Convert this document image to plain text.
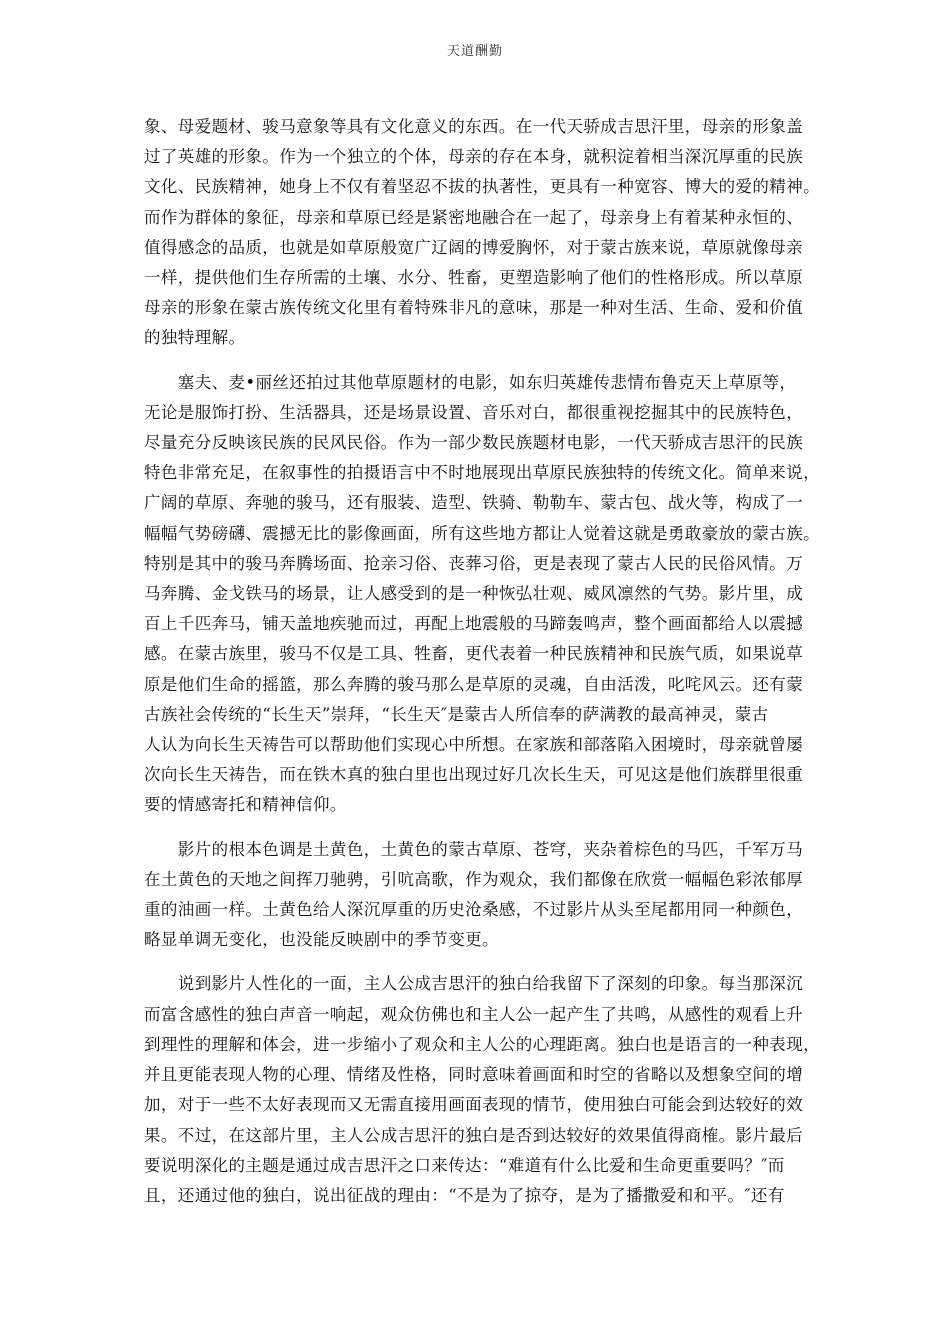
天道酬勤

象、母爱题材、骏马意象等具有文化意义的东西。在一代天骄成吉思汗里，母亲的形象盖
过了英雄的形象。作为一个独立的个体，母亲的存在本身，就积淀着相当深沉厚重的民族
文化、民族精神，她身上不仅有着坚忍不拔的执著性，更具有一种宽容、博大的爱的精神。
而作为群体的象征，母亲和草原已经是紧密地融合在一起了，母亲身上有着某种永恒的、
值得感念的品质，也就是如草原般宽广辽阔的博爱胸怀，对于蒙古族来说，草原就像母亲
一样，提供他们生存所需的土壤、水分、牲畜，更塑造影响了他们的性格形成。所以草原
母亲的形象在蒙古族传统文化里有着特殊非凡的意味，那是一种对生活、生命、爱和价值
的独特理解。

　　塞夫、麦•丽丝还拍过其他草原题材的电影，如东归英雄传悲情布鲁克天上草原等，
无论是服饰打扮、生活器具，还是场景设置、音乐对白，都很重视挖掘其中的民族特色，
尽量充分反映该民族的民风民俗。作为一部少数民族题材电影，一代天骄成吉思汗的民族
特色非常充足，在叙事性的拍摄语言中不时地展现出草原民族独特的传统文化。简单来说，
广阔的草原、奔驰的骏马，还有服装、造型、铁骑、勒勒车、蒙古包、战火等，构成了一
幅幅气势磅礴、震撼无比的影像画面，所有这些地方都让人觉着这就是勇敢豪放的蒙古族。
特别是其中的骏马奔腾场面、抢亲习俗、丧葬习俗，更是表现了蒙古人民的民俗风情。万
马奔腾、金戈铁马的场景，让人感受到的是一种恢弘壮观、威风凛然的气势。影片里，成
百上千匹奔马，铺天盖地疾驰而过，再配上地震般的马蹄轰鸣声，整个画面都给人以震撼
感。在蒙古族里，骏马不仅是工具、牲畜，更代表着一种民族精神和民族气质，如果说草
原是他们生命的摇篮，那么奔腾的骏马那么是草原的灵魂，自由活泼，叱咤风云。还有蒙
古族社会传统的“长生天”崇拜，“长生天″是蒙古人所信奉的萨满教的最高神灵，蒙古
人认为向长生天祷告可以帮助他们实现心中所想。在家族和部落陷入困境时，母亲就曾屡
次向长生天祷告，而在铁木真的独白里也出现过好几次长生天，可见这是他们族群里很重
要的情感寄托和精神信仰。

　　影片的根本色调是土黄色，土黄色的蒙古草原、苍穹，夹杂着棕色的马匹，千军万马
在土黄色的天地之间挥刀驰骋，引吭高歌，作为观众，我们都像在欣赏一幅幅色彩浓郁厚
重的油画一样。土黄色给人深沉厚重的历史沧桑感，不过影片从头至尾都用同一种颜色，
略显单调无变化，也没能反映剧中的季节变更。

　　说到影片人性化的一面，主人公成吉思汗的独白给我留下了深刻的印象。每当那深沉
而富含感性的独白声音一响起，观众仿佛也和主人公一起产生了共鸣，从感性的观看上升
到理性的理解和体会，进一步缩小了观众和主人公的心理距离。独白也是语言的一种表现，
并且更能表现人物的心理、情绪及性格，同时意味着画面和时空的省略以及想象空间的增
加，对于一些不太好表现而又无需直接用画面表现的情节，使用独白可能会到达较好的效
果。不过，在这部片里，主人公成吉思汗的独白是否到达较好的效果值得商榷。影片最后
要说明深化的主题是通过成吉思汗之口来传达：“难道有什么比爱和生命更重要吗？″而
且，还通过他的独白，说出征战的理由：“不是为了掠夺，是为了播撒爱和和平。″还有
